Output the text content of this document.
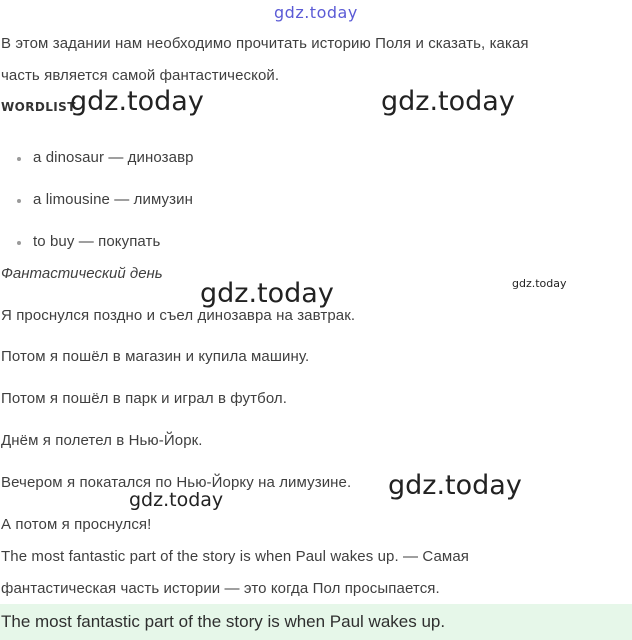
gdz.today
В этом задании нам необходимо прочитать историю Поля и сказать, какая
часть является самой фантастической.
WORDLIST
gdz.today	gdz.today
a dinosaur — динозавр
a limousine — лимузин
to buy — покупать
Фантастический день
gdz.today	gdz.today
Я проснулся поздно и съел динозавра на завтрак.
Потом я пошёл в магазин и купила машину.
Потом я пошёл в парк и играл в футбол.
Днём я полетел в Нью-Йорк.
Вечером я покатался по Нью-Йорку на лимузине.
А потом я проснулся!
gdz.today
gdz.today
The most fantastic part of the story is when Paul wakes up. — Самая
фантастическая часть истории — это когда Пол просыпается.
The most fantastic part of the story is when Paul wakes up.
